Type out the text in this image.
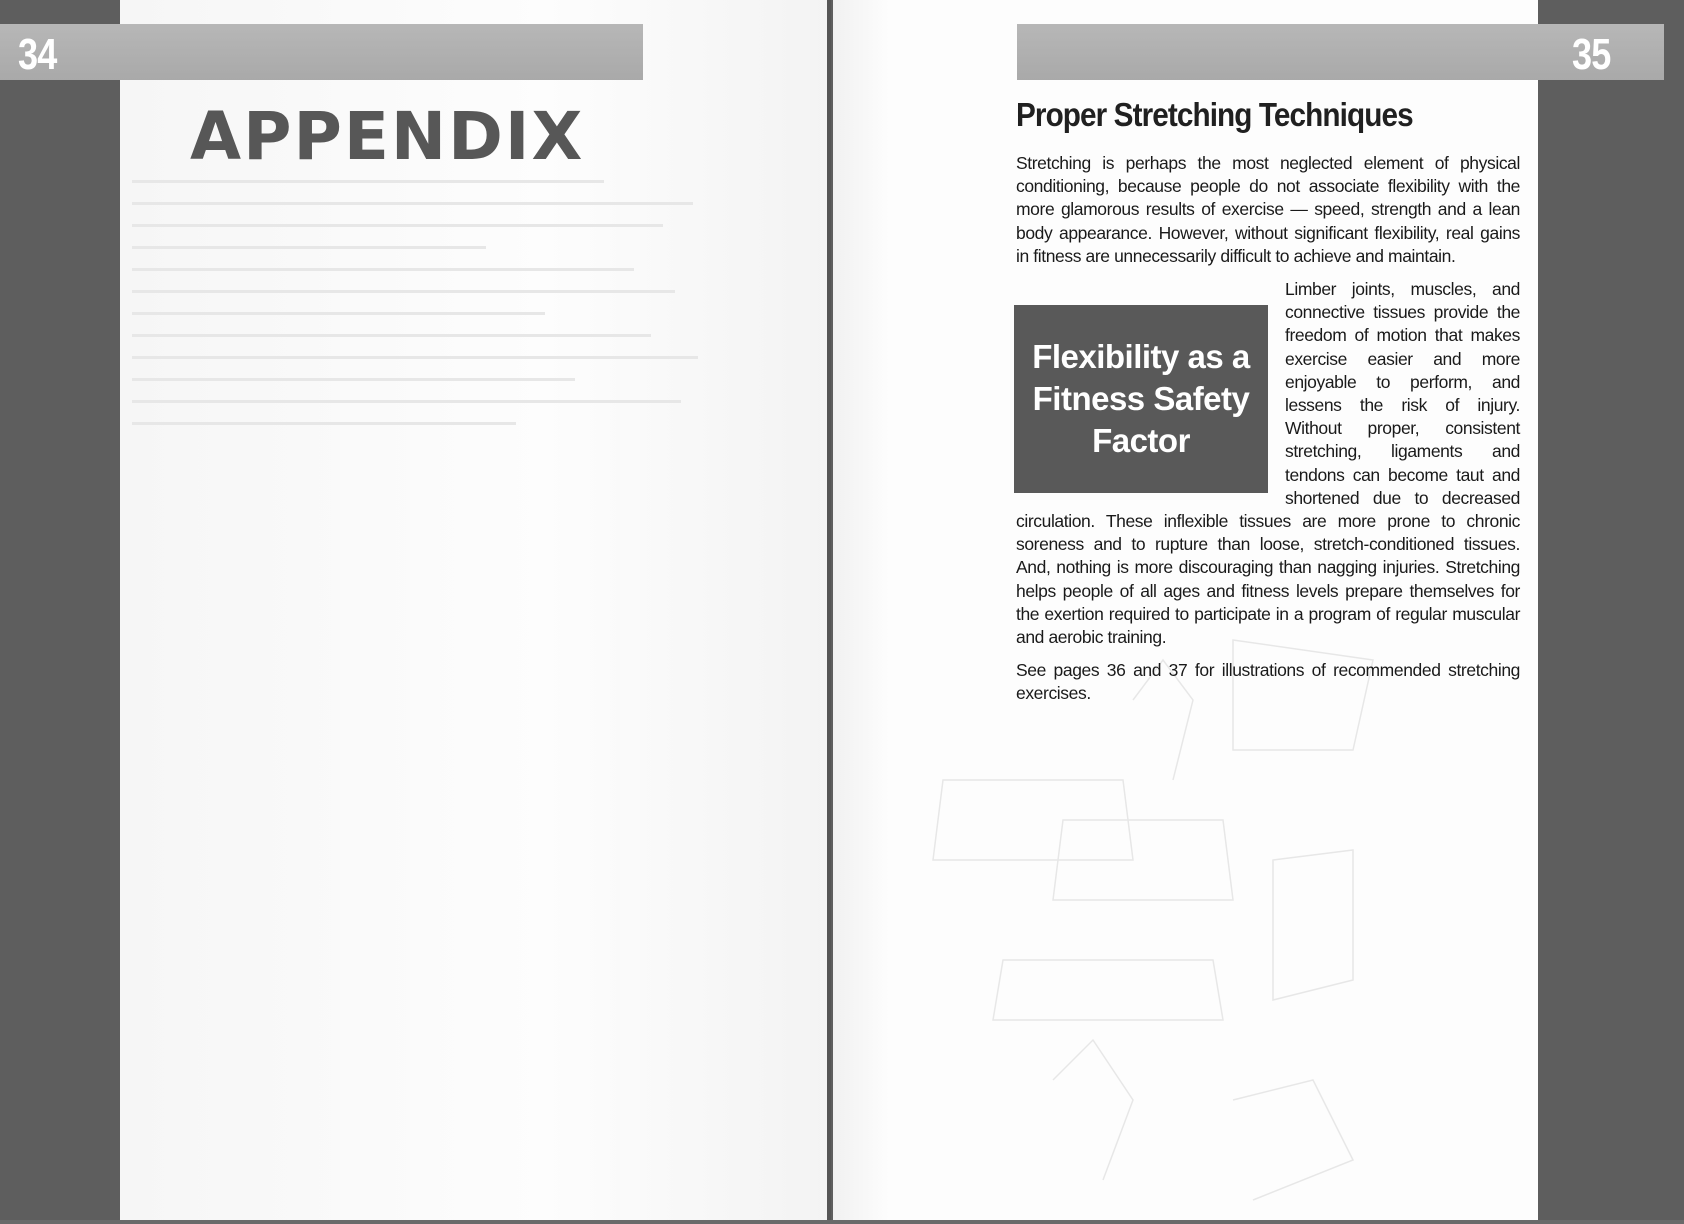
34	35
APPENDIX	Proper Stretching Techniques

Stretching is perhaps the most neglected element of physical conditioning, because people do not associate flexibility with the more glamorous results of exercise — speed, strength and a lean body appearance. However, without significant flexibility, real gains in fitness are unnecessarily difficult to achieve and maintain.

Flexibility as a Fitness Safety Factor

Limber joints, muscles, and connective tissues provide the freedom of motion that makes exercise easier and more enjoyable to perform, and lessens the risk of injury. Without proper, consistent stretching, ligaments and tendons can become taut and shortened due to decreased circulation. These inflexible tissues are more prone to chronic soreness and to rupture than loose, stretch-conditioned tissues. And, nothing is more discouraging than nagging injuries. Stretching helps people of all ages and fitness levels prepare themselves for the exertion required to participate in a program of regular muscular and aerobic training.

See pages 36 and 37 for illustrations of recommended stretching exercises.
